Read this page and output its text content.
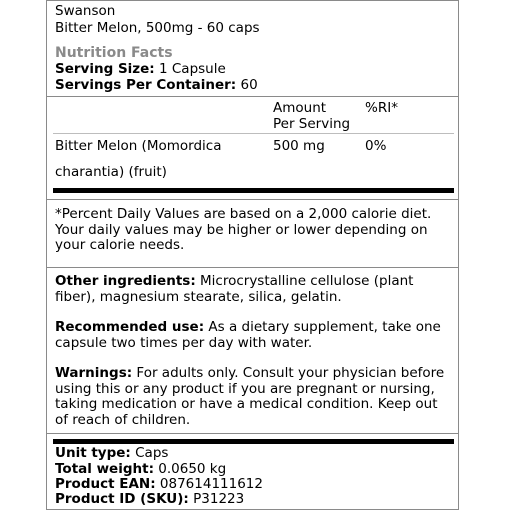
Swanson
Bitter Melon, 500mg - 60 caps
Nutrition Facts
Serving Size: 1 Capsule
Servings Per Container: 60
Amount
Per Serving
%RI*
Bitter Melon (Momordica
charantia) (fruit)
500 mg	0%
*Percent Daily Values are based on a 2,000 calorie diet.
Your daily values may be higher or lower depending on
your calorie needs.
Other ingredients: Microcrystalline cellulose (plant
fiber), magnesium stearate, silica, gelatin.
Recommended use: As a dietary supplement, take one
capsule two times per day with water.
Warnings: For adults only. Consult your physician before
using this or any product if you are pregnant or nursing,
taking medication or have a medical condition. Keep out
of reach of children.
Unit type: Caps
Total weight: 0.0650 kg
Product EAN: 087614111612
Product ID (SKU): P31223
